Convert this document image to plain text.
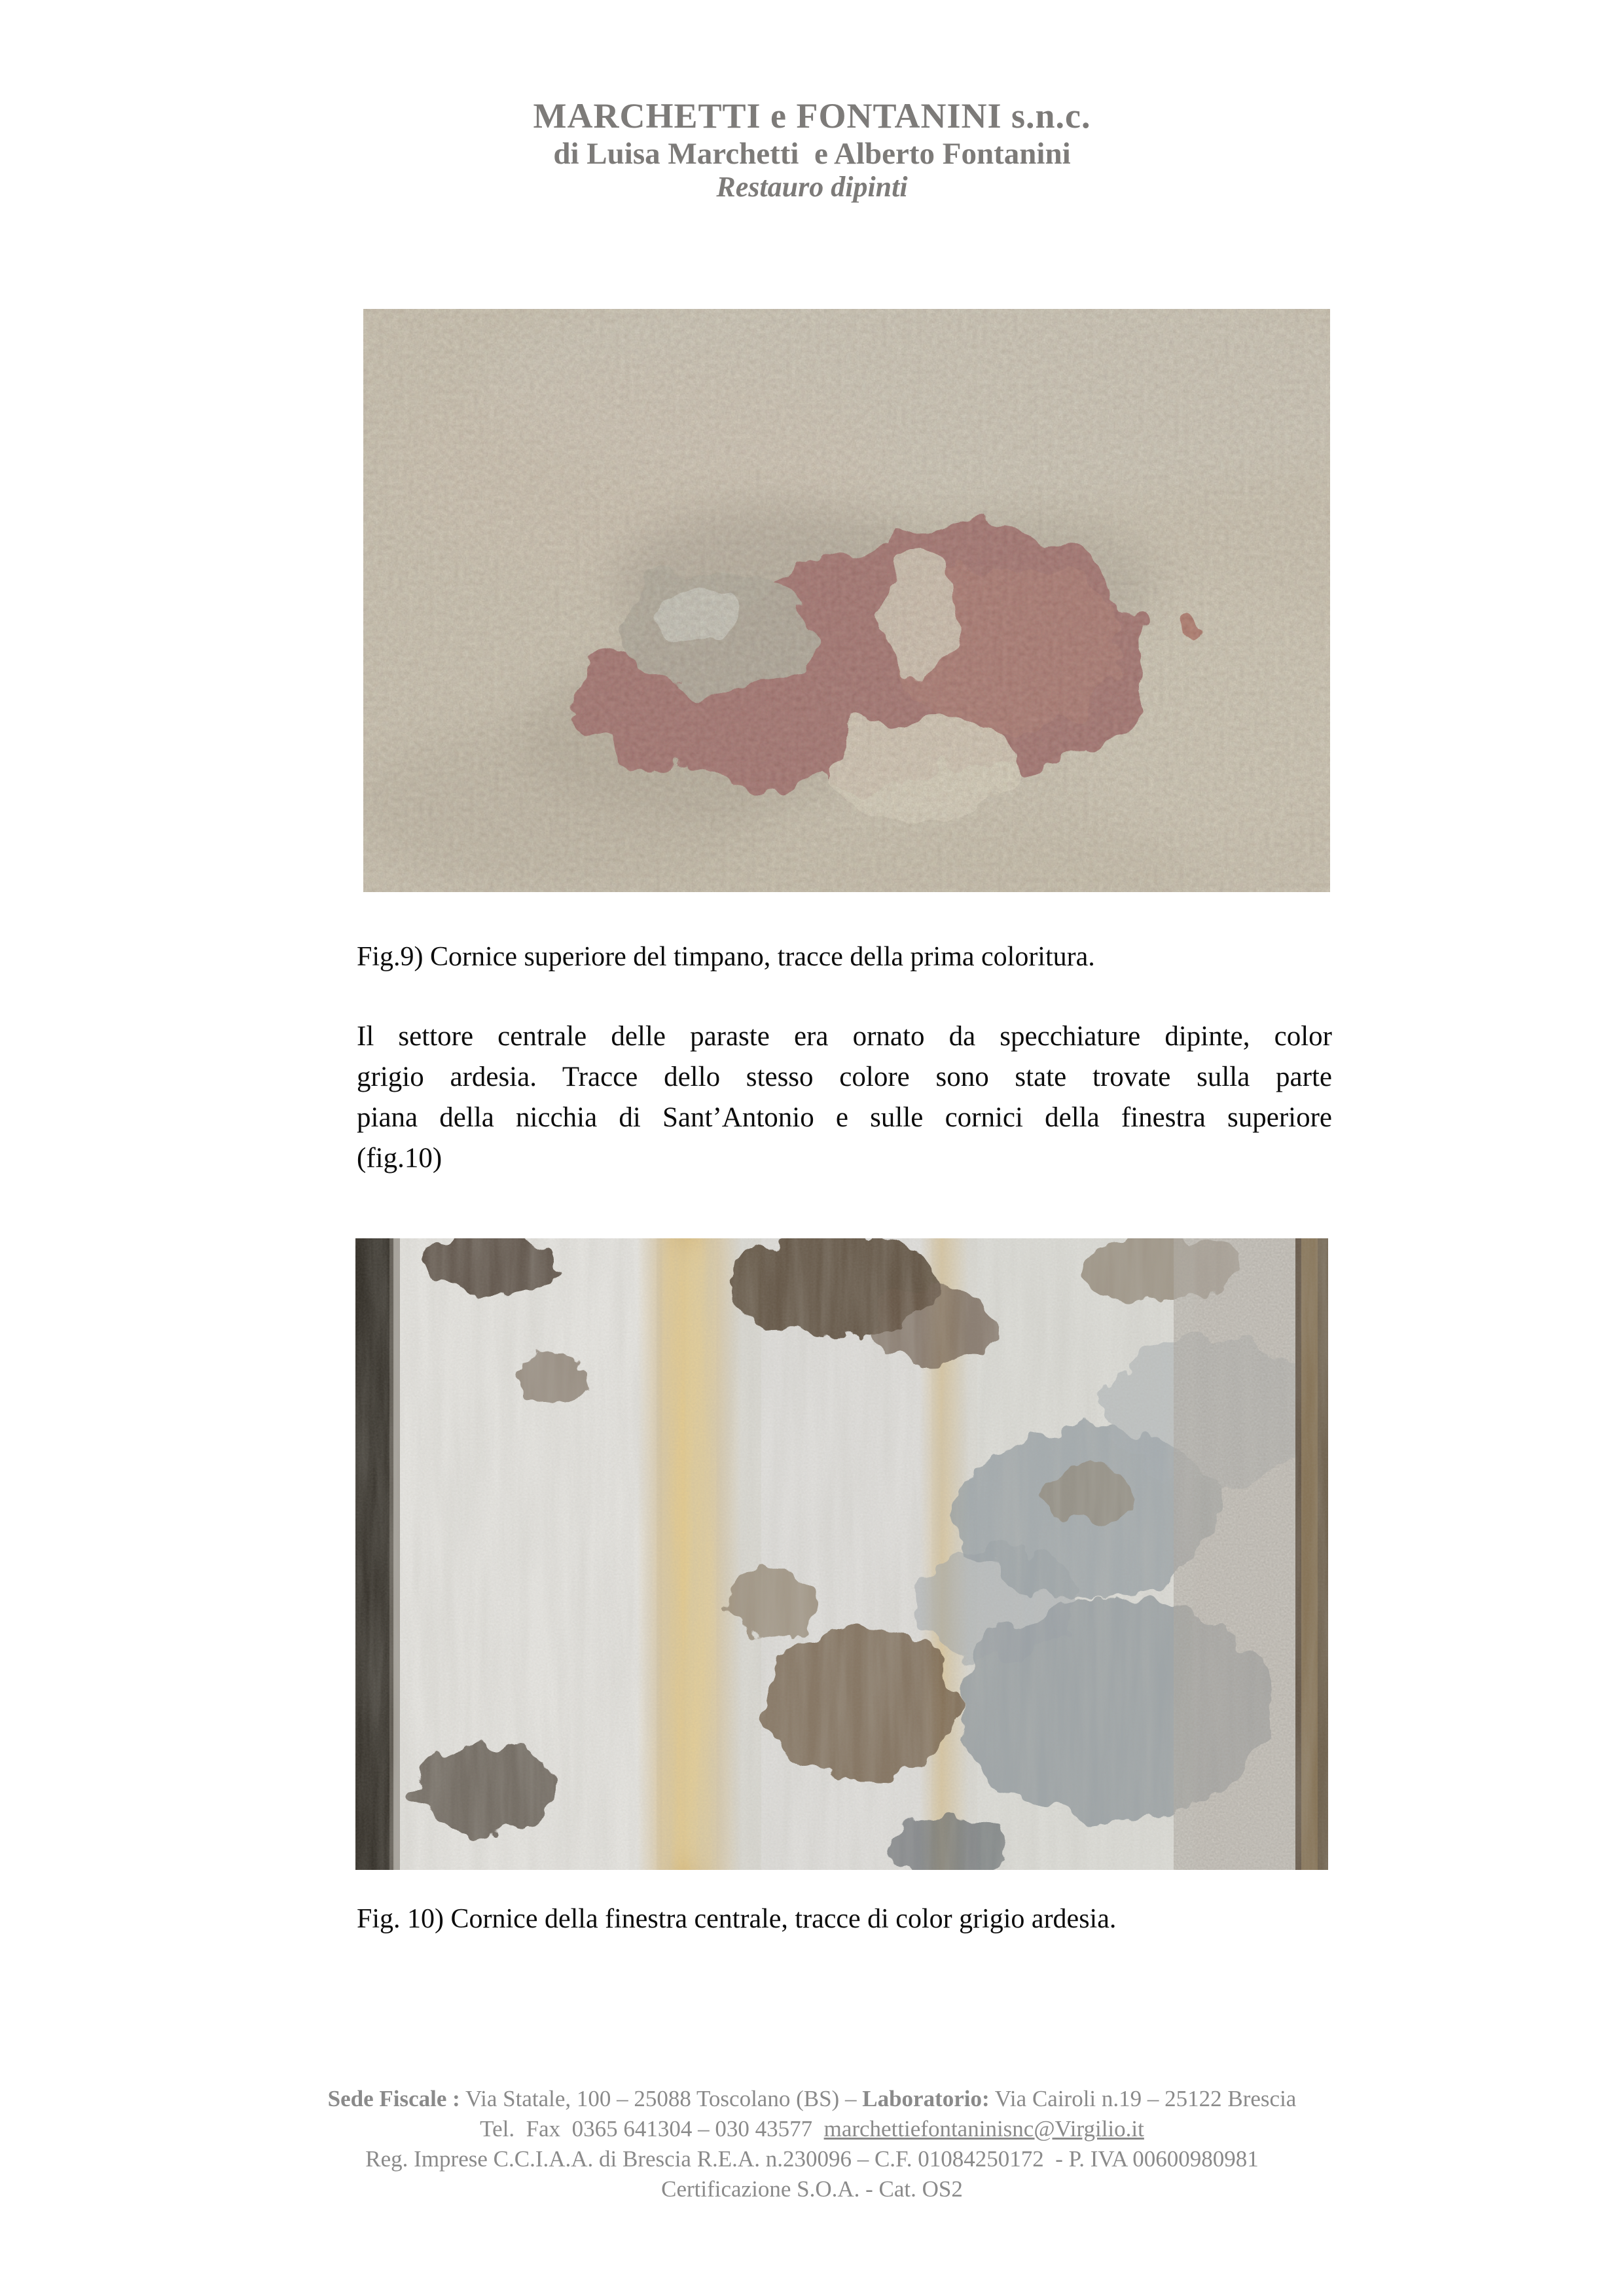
MARCHETTI e FONTANINI s.n.c.
di Luisa Marchetti  e Alberto Fontanini
Restauro dipinti
Fig.9) Cornice superiore del timpano, tracce della prima coloritura.
Il settore centrale delle paraste era ornato da specchiature dipinte, color
grigio ardesia. Tracce dello stesso colore sono state trovate sulla parte
piana della nicchia di Sant’Antonio e sulle cornici della finestra superiore
(fig.10)
Fig. 10) Cornice della finestra centrale, tracce di color grigio ardesia.
Sede Fiscale : Via Statale, 100 – 25088 Toscolano (BS) – Laboratorio: Via Cairoli n.19 – 25122 Brescia
Tel.  Fax  0365 641304 – 030 43577  marchettiefontaninisnc@Virgilio.it
Reg. Imprese C.C.I.A.A. di Brescia R.E.A. n.230096 – C.F. 01084250172  - P. IVA 00600980981
Certificazione S.O.A. - Cat. OS2
